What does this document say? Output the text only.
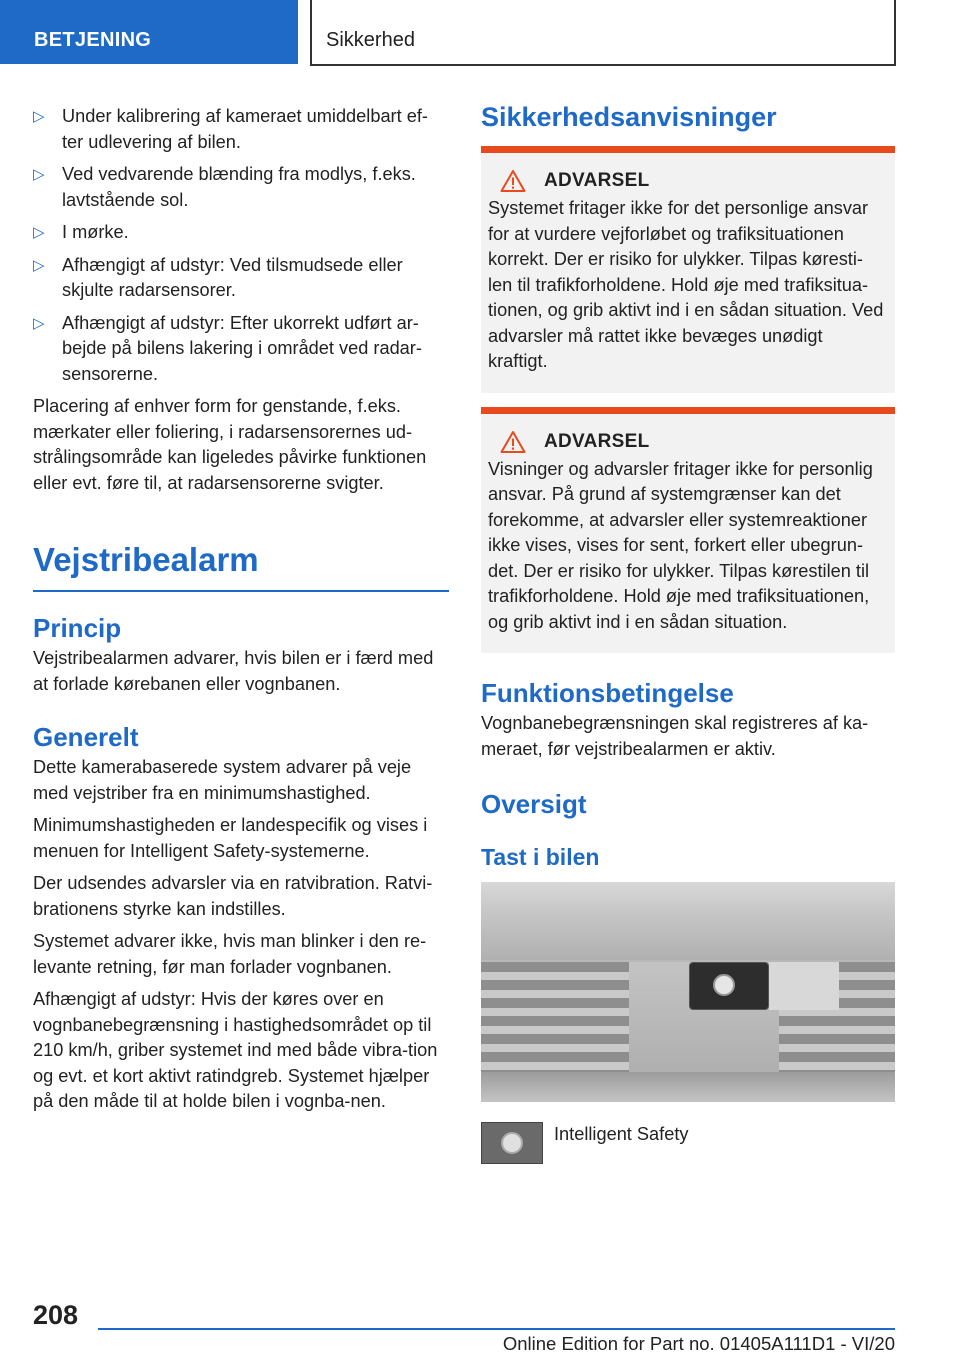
BETJENING	Sikkerhed
▷ Under kalibrering af kameraet umiddelbart ef-ter udlevering af bilen.
▷ Ved vedvarende blænding fra modlys, f.eks. lavtstående sol.
▷ I mørke.
▷ Afhængigt af udstyr: Ved tilsmudsede eller skjulte radarsensorer.
▷ Afhængigt af udstyr: Efter ukorrekt udført ar-bejde på bilens lakering i området ved radar-sensorerne.

Placering af enhver form for genstande, f.eks. mærkater eller foliering, i radarsensorernes ud-strålingsområde kan ligeledes påvirke funktionen eller evt. føre til, at radarsensorerne svigter.

Vejstribealarm
Princip

Vejstribealarmen advarer, hvis bilen er i færd med at forlade kørebanen eller vognbanen.

Generelt

Dette kamerabaserede system advarer på veje med vejstriber fra en minimumshastighed.

Minimumshastigheden er landespecifik og vises i menuen for Intelligent Safety-systemerne.

Der udsendes advarsler via en ratvibration. Ratvi-brationens styrke kan indstilles.

Systemet advarer ikke, hvis man blinker i den re-levante retning, før man forlader vognbanen.

Afhængigt af udstyr: Hvis der køres over en vognbanebegrænsning i hastighedsområdet op til 210 km/h, griber systemet ind med både vibra-tion og evt. et kort aktivt ratindgreb. Systemet hjælper på den måde til at holde bilen i vognba-nen.

Sikkerhedsanvisninger
ADVARSEL

Systemet fritager ikke for det personlige ansvar for at vurdere vejforløbet og trafiksituationen korrekt. Der er risiko for ulykker. Tilpas køresti-len til trafikforholdene. Hold øje med trafiksitua-tionen, og grib aktivt ind i en sådan situation. Ved advarsler må rattet ikke bevæges unødigt kraftigt.

ADVARSEL

Visninger og advarsler fritager ikke for personlig ansvar. På grund af systemgrænser kan det forekomme, at advarsler eller systemreaktioner ikke vises, vises for sent, forkert eller ubegrun-det. Der er risiko for ulykker. Tilpas kørestilen til trafikforholdene. Hold øje med trafiksituationen, og grib aktivt ind i en sådan situation.

Funktionsbetingelse

Vognbanebegrænsningen skal registreres af ka-meraet, før vejstribealarmen er aktiv.

Oversigt
Tast i bilen
Intelligent Safety
208
Online Edition for Part no. 01405A111D1 - VI/20
